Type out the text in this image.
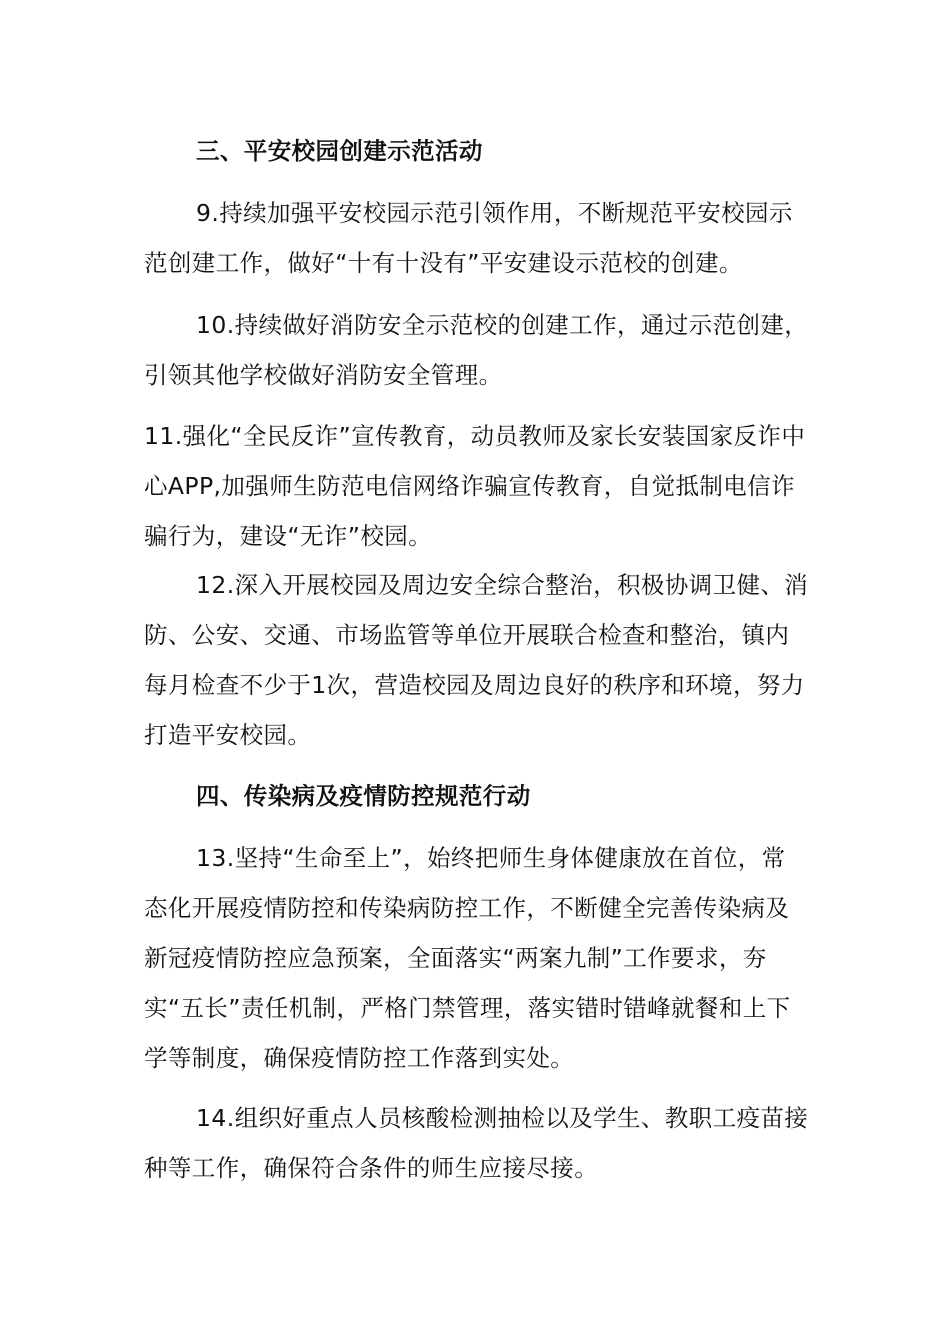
三、平安校园创建示范活动

9.持续加强平安校园示范引领作用，不断规范平安校园示范创建工作，做好“十有十没有”平安建设示范校的创建。

10.持续做好消防安全示范校的创建工作，通过示范创建，引领其他学校做好消防安全管理。

11.强化“全民反诈”宣传教育，动员教师及家长安装国家反诈中心APP,加强师生防范电信网络诈骗宣传教育，自觉抵制电信诈骗行为，建设“无诈”校园。

12.深入开展校园及周边安全综合整治，积极协调卫健、消防、公安、交通、市场监管等单位开展联合检查和整治，镇内每月检查不少于1次，营造校园及周边良好的秩序和环境，努力打造平安校园。

四、传染病及疫情防控规范行动

13.坚持“生命至上”，始终把师生身体健康放在首位，常态化开展疫情防控和传染病防控工作，不断健全完善传染病及新冠疫情防控应急预案，全面落实“两案九制”工作要求，夯实“五长”责任机制，严格门禁管理，落实错时错峰就餐和上下学等制度，确保疫情防控工作落到实处。

14.组织好重点人员核酸检测抽检以及学生、教职工疫苗接种等工作，确保符合条件的师生应接尽接。
